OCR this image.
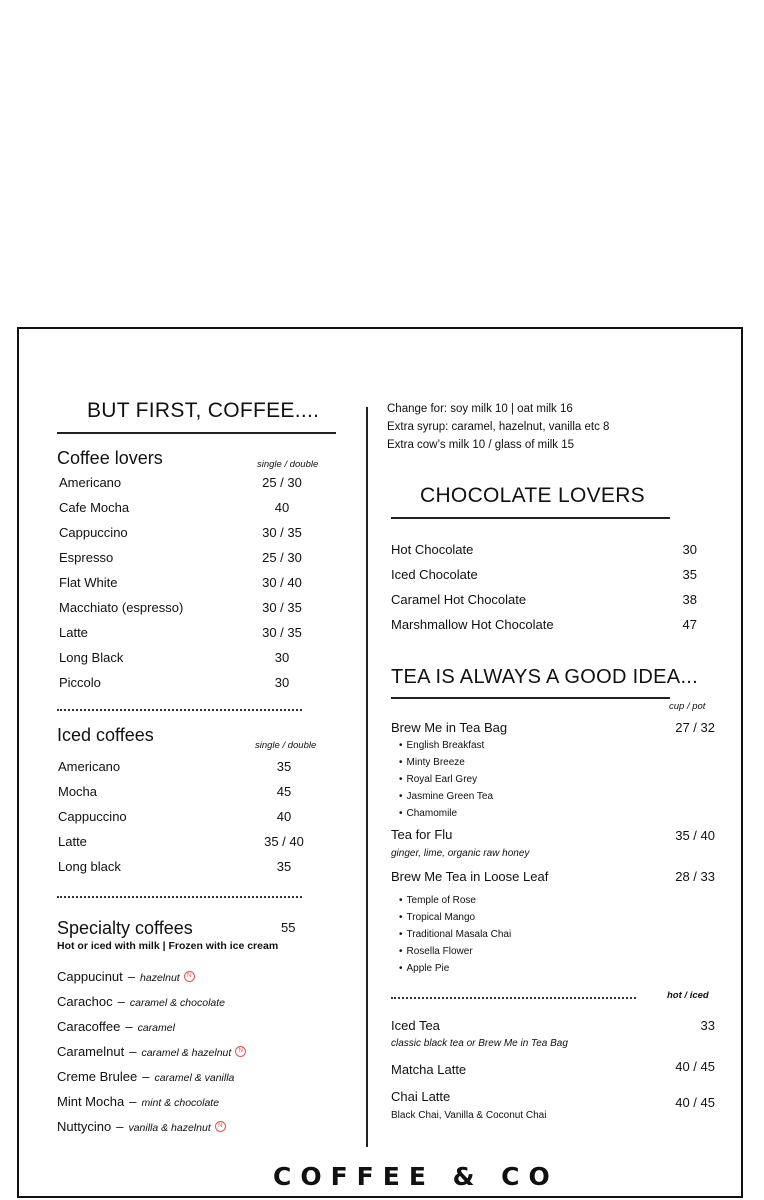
BUT FIRST, COFFEE....
Coffee lovers	single / double
Americano	25 / 30
Cafe Mocha	40
Cappuccino	30 / 35
Espresso	25 / 30
Flat White	30 / 40
Macchiato (espresso)	30 / 35
Latte	30 / 35
Long Black	30
Piccolo	30
Iced coffees
single / double
Americano	35
Mocha	45
Cappuccino	40
Latte	35 / 40
Long black	35
Specialty coffees	55
Hot or iced with milk | Frozen with ice cream
Cappucinut – hazelnut N
Carachoc – caramel & chocolate
Caracoffee – caramel
Caramelnut – caramel & hazelnut N
Creme Brulee – caramel & vanilla
Mint Mocha – mint & chocolate
Nuttycino – vanilla & hazelnut N
Change for: soy milk 10 | oat milk 16
Extra syrup: caramel, hazelnut, vanilla etc 8
Extra cow’s milk 10 / glass of milk 15
CHOCOLATE LOVERS
Hot Chocolate	30
Iced Chocolate	35
Caramel Hot Chocolate	38
Marshmallow Hot Chocolate	47
TEA IS ALWAYS A GOOD IDEA...
cup / pot
Brew Me in Tea Bag	27 / 32
• English Breakfast
• Minty Breeze
• Royal Earl Grey
• Jasmine Green Tea
• Chamomile
Tea for Flu	35 / 40
ginger, lime, organic raw honey
Brew Me Tea in Loose Leaf	28 / 33
• Temple of Rose
• Tropical Mango
• Traditional Masala Chai
• Rosella Flower
• Apple Pie
hot / iced
Iced Tea	33
classic black tea or Brew Me in Tea Bag
Matcha Latte	40 / 45
Chai Latte	40 / 45
Black Chai, Vanilla & Coconut Chai
COFFEE & CO
